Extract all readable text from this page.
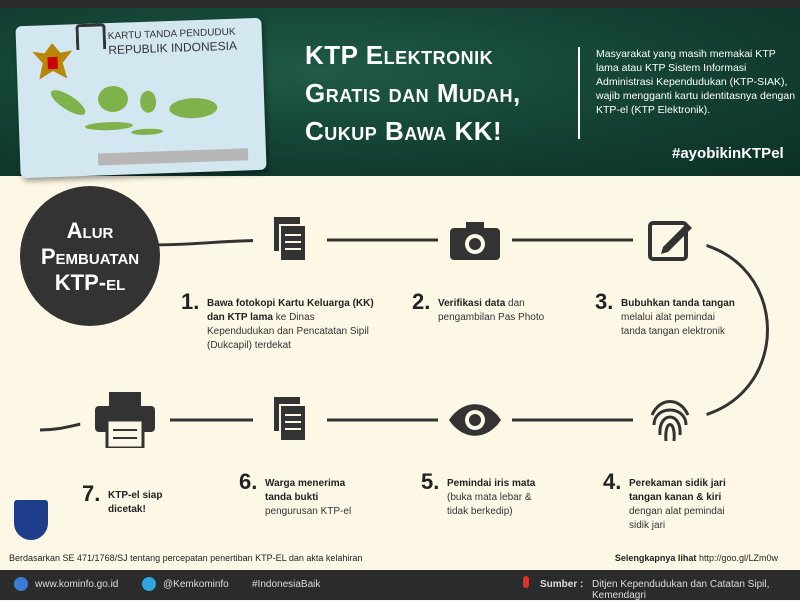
KARTU TANDA PENDUDUK
REPUBLIK INDONESIA	KTP Elektronik
Gratis dan Mudah,
Cukup Bawa KK!
Masyarakat yang masih memakai KTP lama atau KTP Sistem Informasi Administrasi Kependudukan (KTP-SIAK), wajib mengganti kartu identitasnya dengan KTP-el (KTP Elektronik).
#ayobikinKTPel
Alur
Pembuatan
KTP-el
1. Bawa fotokopi Kartu Keluarga (KK) dan KTP lama ke Dinas Kependudukan dan Pencatatan Sipil (Dukcapil) terdekat
2. Verifikasi data dan pengambilan Pas Photo
3. Bubuhkan tanda tangan melalui alat pemindai tanda tangan elektronik
4. Perekaman sidik jari tangan kanan & kiri dengan alat pemindai sidik jari
5. Pemindai iris mata (buka mata lebar & tidak berkedip)
6. Warga menerima tanda bukti pengurusan KTP-el
7. KTP-el siap dicetak!
Berdasarkan SE 471/1768/SJ tentang percepatan penertiban KTP-EL dan akta kelahiran	Selengkapnya lihat http://goo.gl/LZm0w
www.kominfo.go.id	@Kemkominfo #IndonesiaBaik	Sumber : Ditjen Kependudukan dan Catatan Sipil, Kemendagri
